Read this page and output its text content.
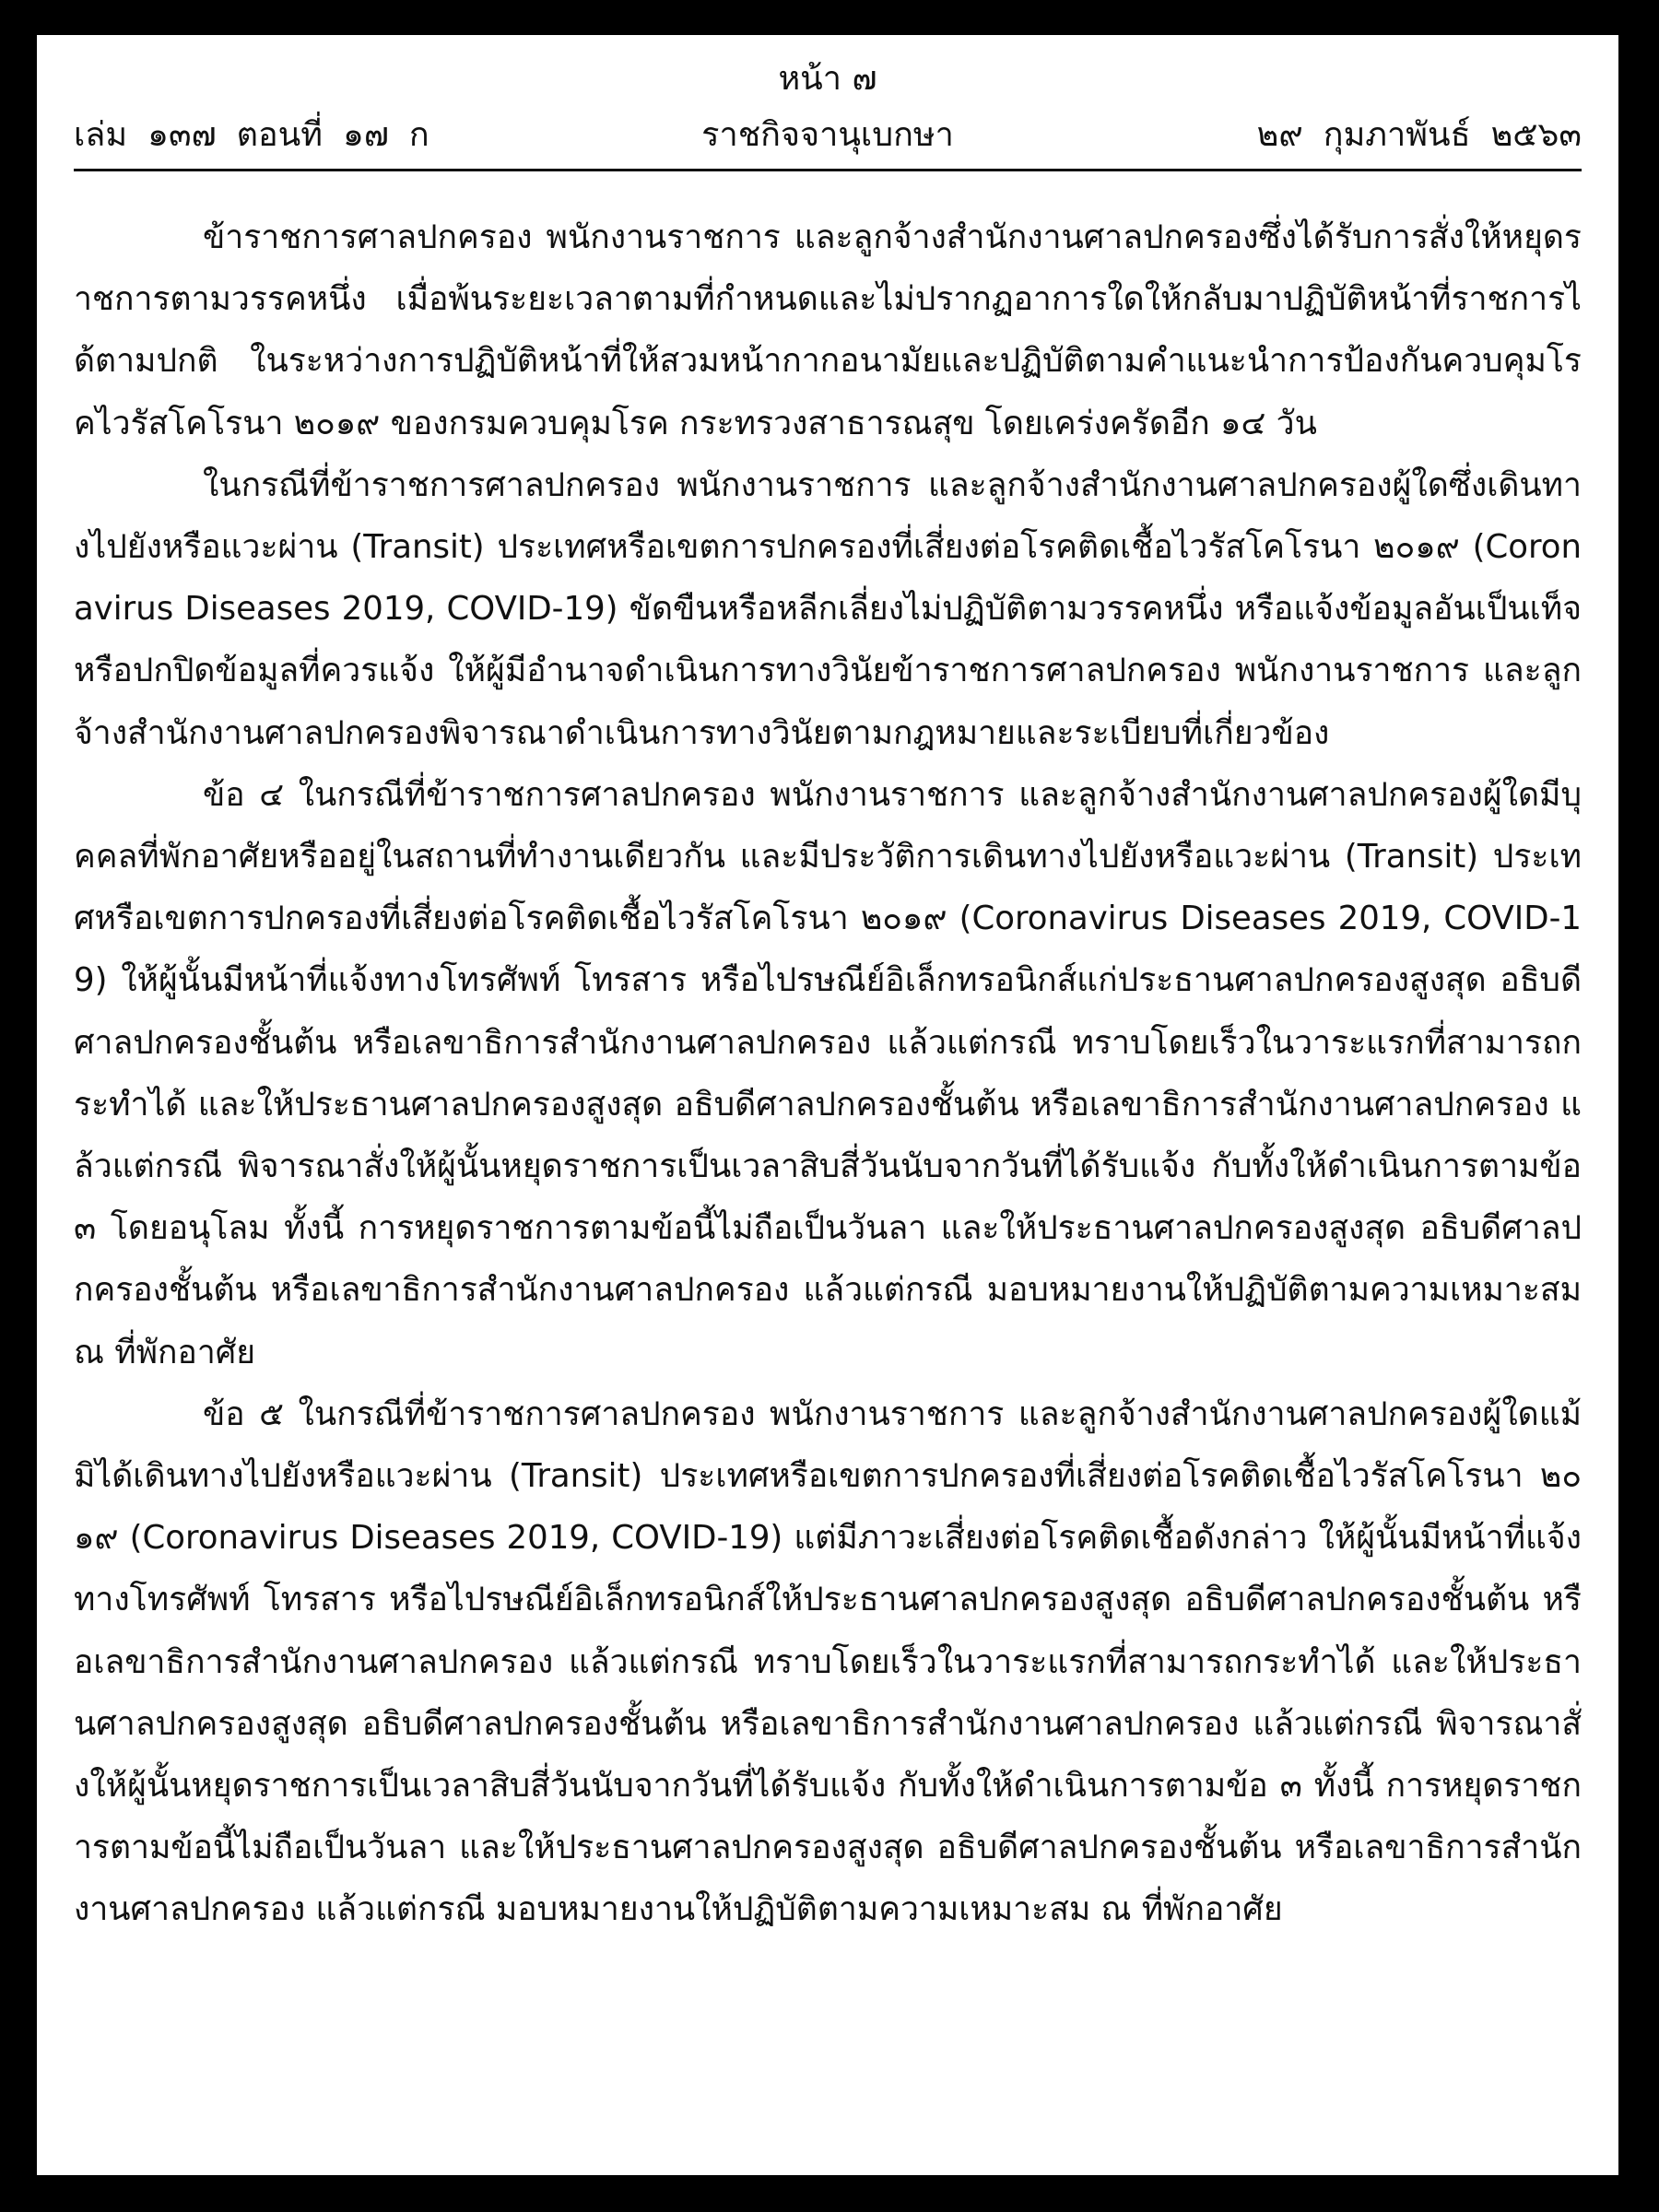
หน้า ๗
เล่ม ๑๓๗ ตอนที่ ๑๗ ก	ราชกิจจานุเบกษา	๒๙ กุมภาพันธ์ ๒๕๖๓

ข้าราชการศาลปกครอง พนักงานราชการ และลูกจ้างสำนักงานศาลปกครองซึ่งได้รับการสั่งให้หยุดราชการตามวรรคหนึ่ง เมื่อพ้นระยะเวลาตามที่กำหนดและไม่ปรากฏอาการใดให้กลับมาปฏิบัติหน้าที่ราชการได้ตามปกติ ในระหว่างการปฏิบัติหน้าที่ให้สวมหน้ากากอนามัยและปฏิบัติตามคำแนะนำการป้องกันควบคุมโรคไวรัสโคโรนา ๒๐๑๙ ของกรมควบคุมโรค กระทรวงสาธารณสุข โดยเคร่งครัดอีก ๑๔ วัน

ในกรณีที่ข้าราชการศาลปกครอง พนักงานราชการ และลูกจ้างสำนักงานศาลปกครองผู้ใดซึ่งเดินทางไปยังหรือแวะผ่าน (Transit) ประเทศหรือเขตการปกครองที่เสี่ยงต่อโรคติดเชื้อไวรัสโคโรนา ๒๐๑๙ (Coronavirus Diseases 2019, COVID-19) ขัดขืนหรือหลีกเลี่ยงไม่ปฏิบัติตามวรรคหนึ่ง หรือแจ้งข้อมูลอันเป็นเท็จ หรือปกปิดข้อมูลที่ควรแจ้ง ให้ผู้มีอำนาจดำเนินการทางวินัยข้าราชการศาลปกครอง พนักงานราชการ และลูกจ้างสำนักงานศาลปกครองพิจารณาดำเนินการทางวินัยตามกฎหมายและระเบียบที่เกี่ยวข้อง

ข้อ ๔ ในกรณีที่ข้าราชการศาลปกครอง พนักงานราชการ และลูกจ้างสำนักงานศาลปกครองผู้ใดมีบุคคลที่พักอาศัยหรืออยู่ในสถานที่ทำงานเดียวกัน และมีประวัติการเดินทางไปยังหรือแวะผ่าน (Transit) ประเทศหรือเขตการปกครองที่เสี่ยงต่อโรคติดเชื้อไวรัสโคโรนา ๒๐๑๙ (Coronavirus Diseases 2019, COVID-19) ให้ผู้นั้นมีหน้าที่แจ้งทางโทรศัพท์ โทรสาร หรือไปรษณีย์อิเล็กทรอนิกส์แก่ประธานศาลปกครองสูงสุด อธิบดีศาลปกครองชั้นต้น หรือเลขาธิการสำนักงานศาลปกครอง แล้วแต่กรณี ทราบโดยเร็วในวาระแรกที่สามารถกระทำได้ และให้ประธานศาลปกครองสูงสุด อธิบดีศาลปกครองชั้นต้น หรือเลขาธิการสำนักงานศาลปกครอง แล้วแต่กรณี พิจารณาสั่งให้ผู้นั้นหยุดราชการเป็นเวลาสิบสี่วันนับจากวันที่ได้รับแจ้ง กับทั้งให้ดำเนินการตามข้อ ๓ โดยอนุโลม ทั้งนี้ การหยุดราชการตามข้อนี้ไม่ถือเป็นวันลา และให้ประธานศาลปกครองสูงสุด อธิบดีศาลปกครองชั้นต้น หรือเลขาธิการสำนักงานศาลปกครอง แล้วแต่กรณี มอบหมายงานให้ปฏิบัติตามความเหมาะสม ณ ที่พักอาศัย

ข้อ ๕ ในกรณีที่ข้าราชการศาลปกครอง พนักงานราชการ และลูกจ้างสำนักงานศาลปกครองผู้ใดแม้มิได้เดินทางไปยังหรือแวะผ่าน (Transit) ประเทศหรือเขตการปกครองที่เสี่ยงต่อโรคติดเชื้อไวรัสโคโรนา ๒๐๑๙ (Coronavirus Diseases 2019, COVID-19) แต่มีภาวะเสี่ยงต่อโรคติดเชื้อดังกล่าว ให้ผู้นั้นมีหน้าที่แจ้งทางโทรศัพท์ โทรสาร หรือไปรษณีย์อิเล็กทรอนิกส์ให้ประธานศาลปกครองสูงสุด อธิบดีศาลปกครองชั้นต้น หรือเลขาธิการสำนักงานศาลปกครอง แล้วแต่กรณี ทราบโดยเร็วในวาระแรกที่สามารถกระทำได้ และให้ประธานศาลปกครองสูงสุด อธิบดีศาลปกครองชั้นต้น หรือเลขาธิการสำนักงานศาลปกครอง แล้วแต่กรณี พิจารณาสั่งให้ผู้นั้นหยุดราชการเป็นเวลาสิบสี่วันนับจากวันที่ได้รับแจ้ง กับทั้งให้ดำเนินการตามข้อ ๓ ทั้งนี้ การหยุดราชการตามข้อนี้ไม่ถือเป็นวันลา และให้ประธานศาลปกครองสูงสุด อธิบดีศาลปกครองชั้นต้น หรือเลขาธิการสำนักงานศาลปกครอง แล้วแต่กรณี มอบหมายงานให้ปฏิบัติตามความเหมาะสม ณ ที่พักอาศัย
